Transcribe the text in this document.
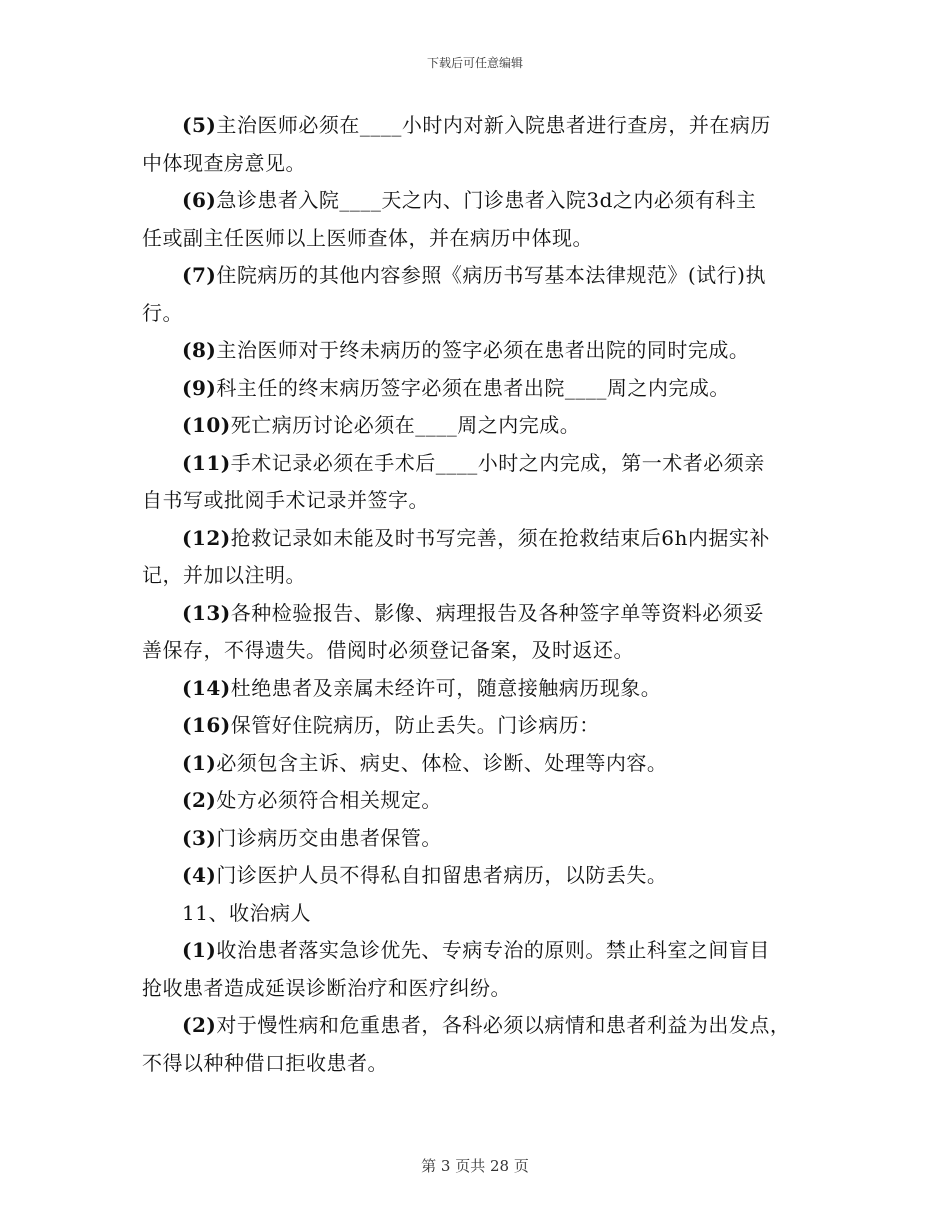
下载后可任意编辑

(5)主治医师必须在____小时内对新入院患者进行查房，并在病历

中体现查房意见。

(6)急诊患者入院____天之内、门诊患者入院3d之内必须有科主

任或副主任医师以上医师查体，并在病历中体现。

(7)住院病历的其他内容参照《病历书写基本法律规范》(试行)执

行。

(8)主治医师对于终未病历的签字必须在患者出院的同时完成。

(9)科主任的终末病历签字必须在患者出院____周之内完成。

(10)死亡病历讨论必须在____周之内完成。

(11)手术记录必须在手术后____小时之内完成，第一术者必须亲

自书写或批阅手术记录并签字。

(12)抢救记录如未能及时书写完善，须在抢救结束后6h内据实补

记，并加以注明。

(13)各种检验报告、影像、病理报告及各种签字单等资料必须妥

善保存，不得遗失。借阅时必须登记备案，及时返还。

(14)杜绝患者及亲属未经许可，随意接触病历现象。

(16)保管好住院病历，防止丢失。门诊病历：

(1)必须包含主诉、病史、体检、诊断、处理等内容。

(2)处方必须符合相关规定。

(3)门诊病历交由患者保管。

(4)门诊医护人员不得私自扣留患者病历，以防丢失。

11、收治病人

(1)收治患者落实急诊优先、专病专治的原则。禁止科室之间盲目

抢收患者造成延误诊断治疗和医疗纠纷。

(2)对于慢性病和危重患者，各科必须以病情和患者利益为出发点，

不得以种种借口拒收患者。

第 3 页共 28 页
